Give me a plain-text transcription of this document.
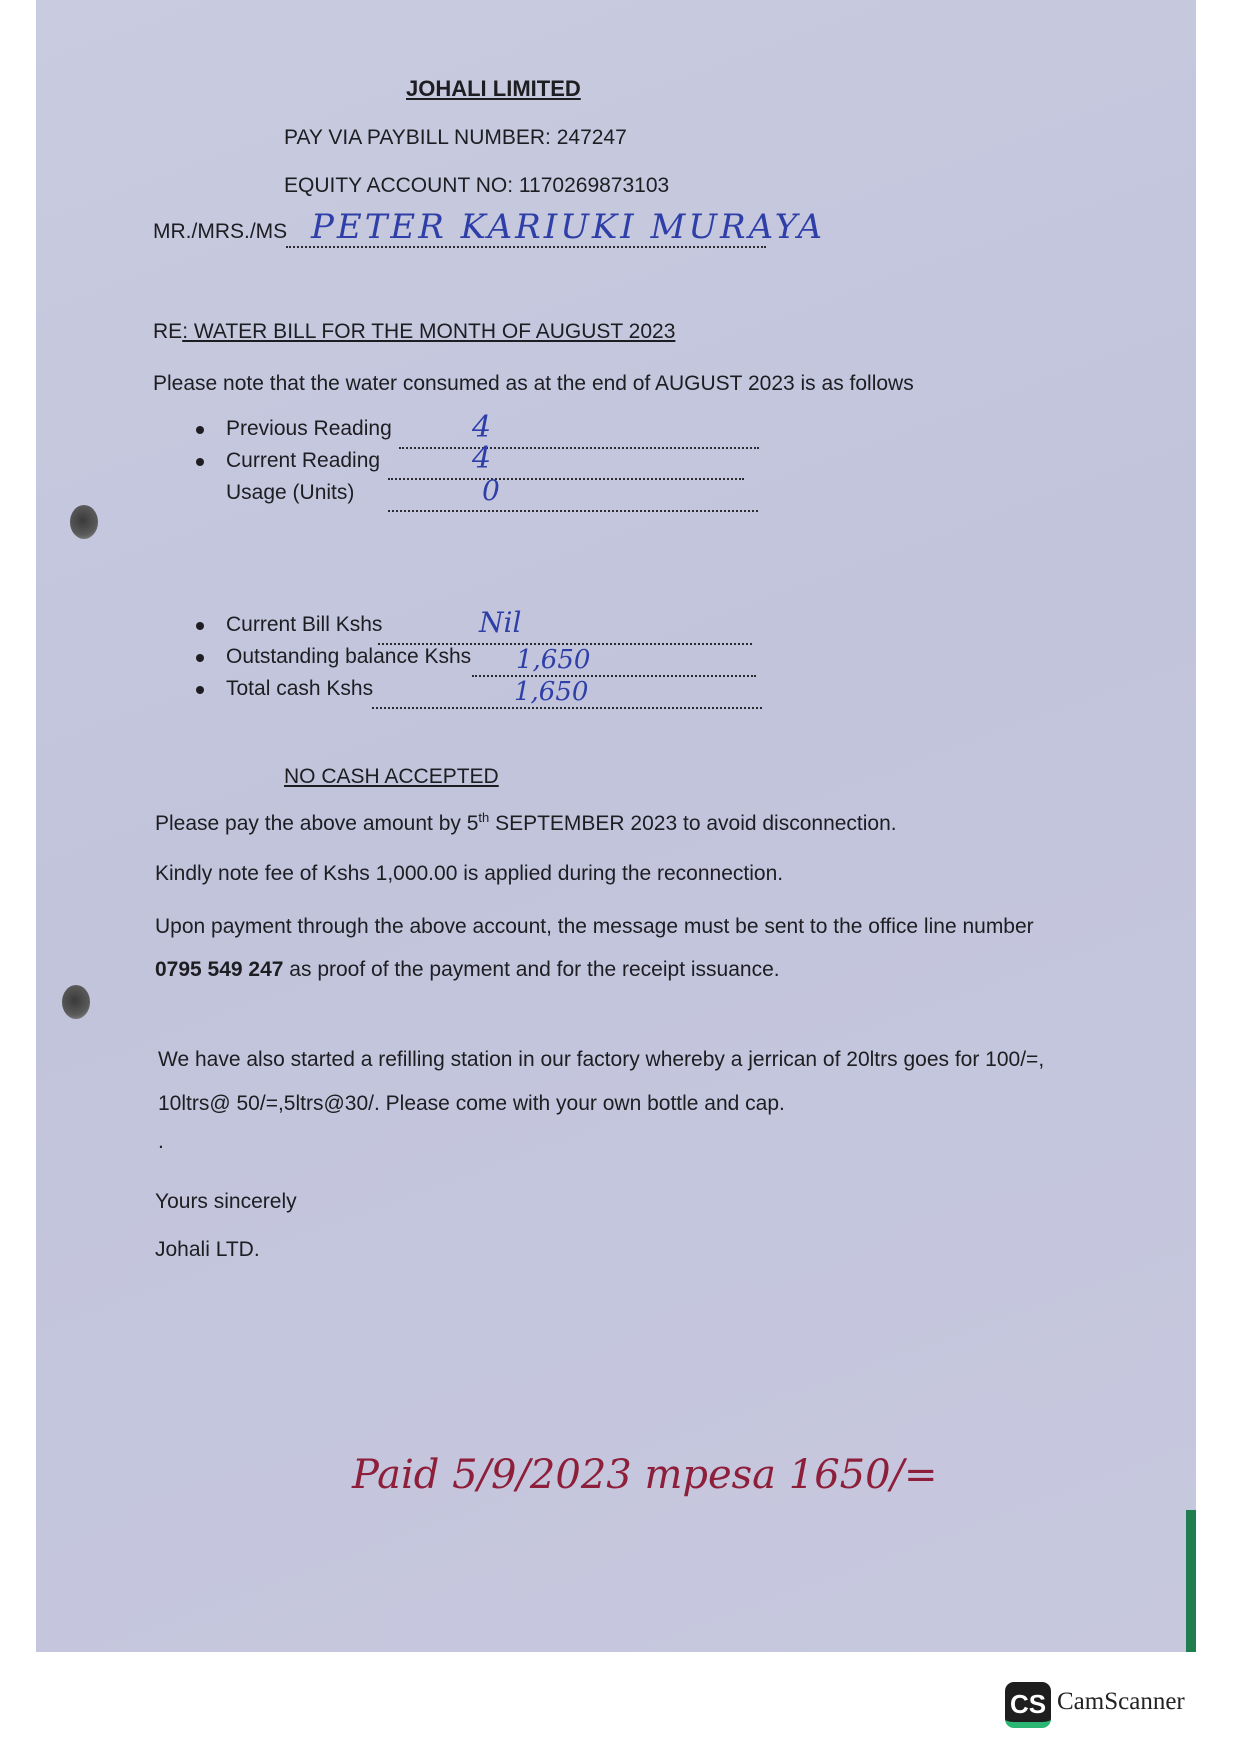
JOHALI LIMITED
PAY VIA PAYBILL NUMBER: 247247
EQUITY ACCOUNT NO: 1170269873103
MR./MRS./MS PETER KARIUKI MURAYA
RE: WATER BILL FOR THE MONTH OF AUGUST 2023
Please note that the water consumed as at the end of AUGUST 2023 is as follows
Previous Reading	4
Current Reading	4
Usage (Units)	0
Current Bill Kshs	Nil
Outstanding balance Kshs 1,650
Total cash Kshs	1,650
NO CASH ACCEPTED
Please pay the above amount by 5th SEPTEMBER 2023 to avoid disconnection.
Kindly note fee of Kshs 1,000.00 is applied during the reconnection.
Upon payment through the above account, the message must be sent to the office line number
0795 549 247 as proof of the payment and for the receipt issuance.
We have also started a refilling station in our factory whereby a jerrican of 20ltrs goes for 100/=,
10ltrs@ 50/=,5ltrs@30/. Please come with your own bottle and cap.
.
Yours sincerely
Johali LTD.
Paid 5/9/2023 mpesa 1650/=
CS CamScanner
